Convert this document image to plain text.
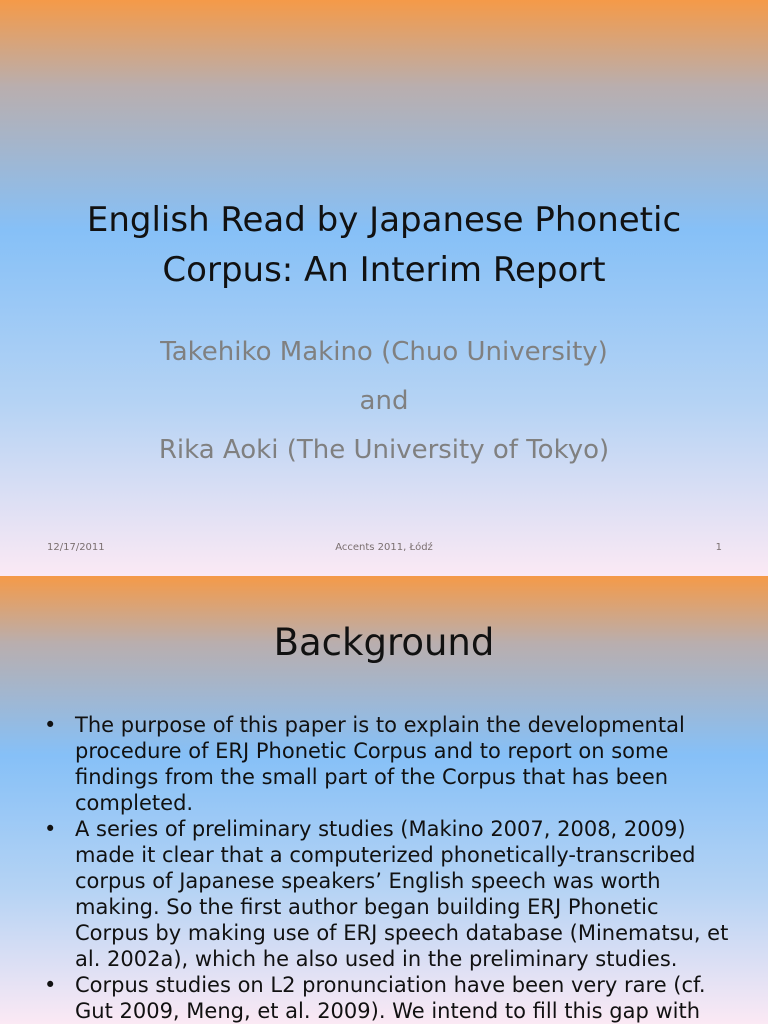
English Read by Japanese Phonetic
Corpus: An Interim Report
Takehiko Makino (Chuo University)
and
Rika Aoki (The University of Tokyo)
12/17/2011	Accents 2011, Łódź	1
Background
• The purpose of this paper is to explain the developmental procedure of ERJ Phonetic Corpus and to report on some findings from the small part of the Corpus that has been completed.
• A series of preliminary studies (Makino 2007, 2008, 2009) made it clear that a computerized phonetically-transcribed corpus of Japanese speakers’ English speech was worth making. So the first author began building ERJ Phonetic Corpus by making use of ERJ speech database (Minematsu, et al. 2002a), which he also used in the preliminary studies.
• Corpus studies on L2 pronunciation have been very rare (cf. Gut 2009, Meng, et al. 2009). We intend to fill this gap with
